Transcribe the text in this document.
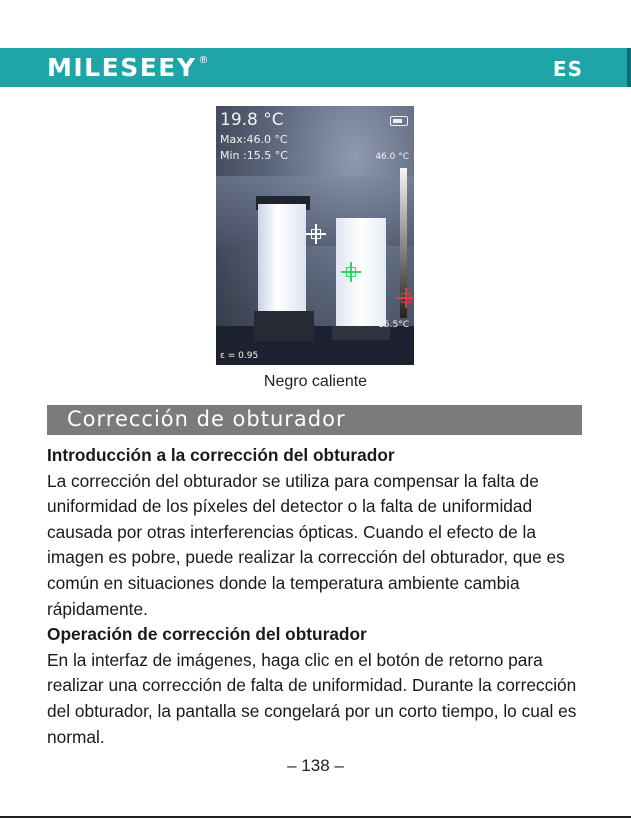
MILESEEY ®	ES
19.8 °C
Max:46.0 °C
Min :15.5 °C	46.0 °C
15.5°C
ε = 0.95
Negro caliente
Corrección de obturador
Introducción a la corrección del obturador

La corrección del obturador se utiliza para compensar la falta de uniformidad de los píxeles del detector o la falta de uniformidad causada por otras interferencias ópticas. Cuando el efecto de la imagen es pobre, puede realizar la corrección del obturador, que es común en situaciones donde la temperatura ambiente cambia rápidamente.

Operación de corrección del obturador

En la interfaz de imágenes, haga clic en el botón de retorno para realizar una corrección de falta de uniformidad. Durante la corrección del obturador, la pantalla se congelará por un corto tiempo, lo cual es normal.

– 138 –
